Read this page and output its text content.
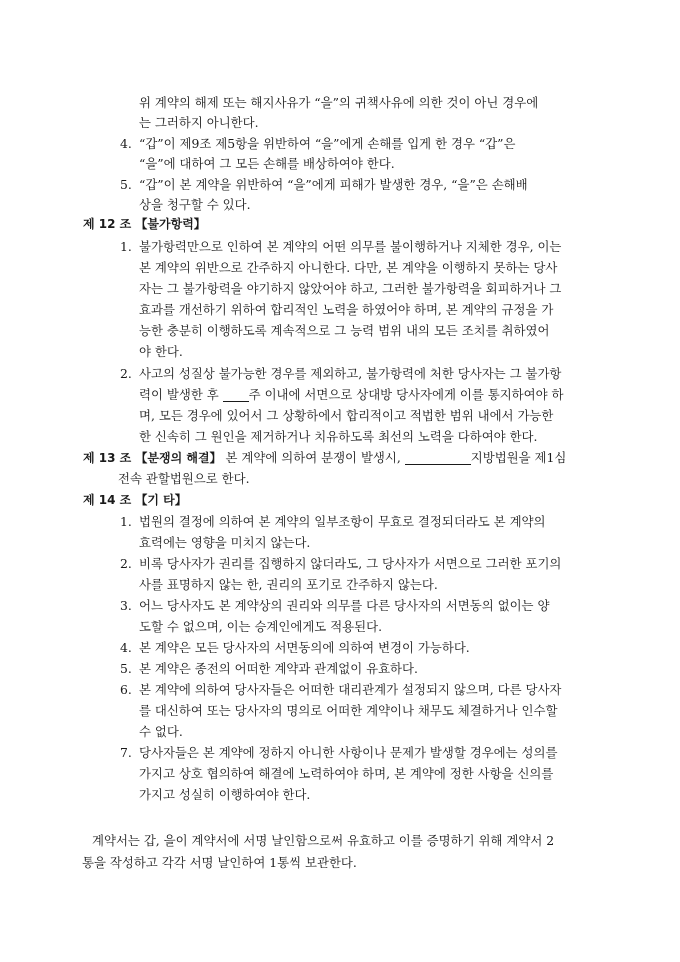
위 계약의 해제 또는 해지사유가 “을”의 귀책사유에 의한 것이 아닌 경우에
는 그러하지 아니한다.
4. “갑”이 제9조 제5항을 위반하여 “을”에게 손해를 입게 한 경우 “갑”은
“을”에 대하여 그 모든 손해를 배상하여야 한다.
5. “갑”이 본 계약을 위반하여 “을”에게 피해가 발생한 경우, “을”은 손해배
상을 청구할 수 있다.
제 12 조 【불가항력】
1. 불가항력만으로 인하여 본 계약의 어떤 의무를 불이행하거나 지체한 경우, 이는
본 계약의 위반으로 간주하지 아니한다. 다만, 본 계약을 이행하지 못하는 당사
자는 그 불가항력을 야기하지 않았어야 하고, 그러한 불가항력을 회피하거나 그
효과를 개선하기 위하여 합리적인 노력을 하였어야 하며, 본 계약의 규정을 가
능한 충분히 이행하도록 계속적으로 그 능력 범위 내의 모든 조치를 취하였어
야 한다.
2. 사고의 성질상 불가능한 경우를 제외하고, 불가항력에 처한 당사자는 그 불가항
력이 발생한 후 주 이내에 서면으로 상대방 당사자에게 이를 통지하여야 하
며, 모든 경우에 있어서 그 상황하에서 합리적이고 적법한 범위 내에서 가능한
한 신속히 그 원인을 제거하거나 치유하도록 최선의 노력을 다하여야 한다.
제 13 조 【분쟁의 해결】 본 계약에 의하여 분쟁이 발생시,	지방법원을 제1심
전속 관할법원으로 한다.
제 14 조 【기 타】
1. 법원의 결정에 의하여 본 계약의 일부조항이 무효로 결정되더라도 본 계약의
효력에는 영향을 미치지 않는다.
2. 비록 당사자가 권리를 집행하지 않더라도, 그 당사자가 서면으로 그러한 포기의
사를 표명하지 않는 한, 권리의 포기로 간주하지 않는다.
3. 어느 당사자도 본 계약상의 권리와 의무를 다른 당사자의 서면동의 없이는 양
도할 수 없으며, 이는 승계인에게도 적용된다.
4. 본 계약은 모든 당사자의 서면동의에 의하여 변경이 가능하다.
5. 본 계약은 종전의 어떠한 계약과 관계없이 유효하다.
6. 본 계약에 의하여 당사자들은 어떠한 대리관계가 설정되지 않으며, 다른 당사자
를 대신하여 또는 당사자의 명의로 어떠한 계약이나 채무도 체결하거나 인수할
수 없다.
7. 당사자들은 본 계약에 정하지 아니한 사항이나 문제가 발생할 경우에는 성의를
가지고 상호 협의하여 해결에 노력하여야 하며, 본 계약에 정한 사항을 신의를
가지고 성실히 이행하여야 한다.
계약서는 갑, 을이 계약서에 서명 날인함으로써 유효하고 이를 증명하기 위해 계약서 2
통을 작성하고 각각 서명 날인하여 1통씩 보관한다.
